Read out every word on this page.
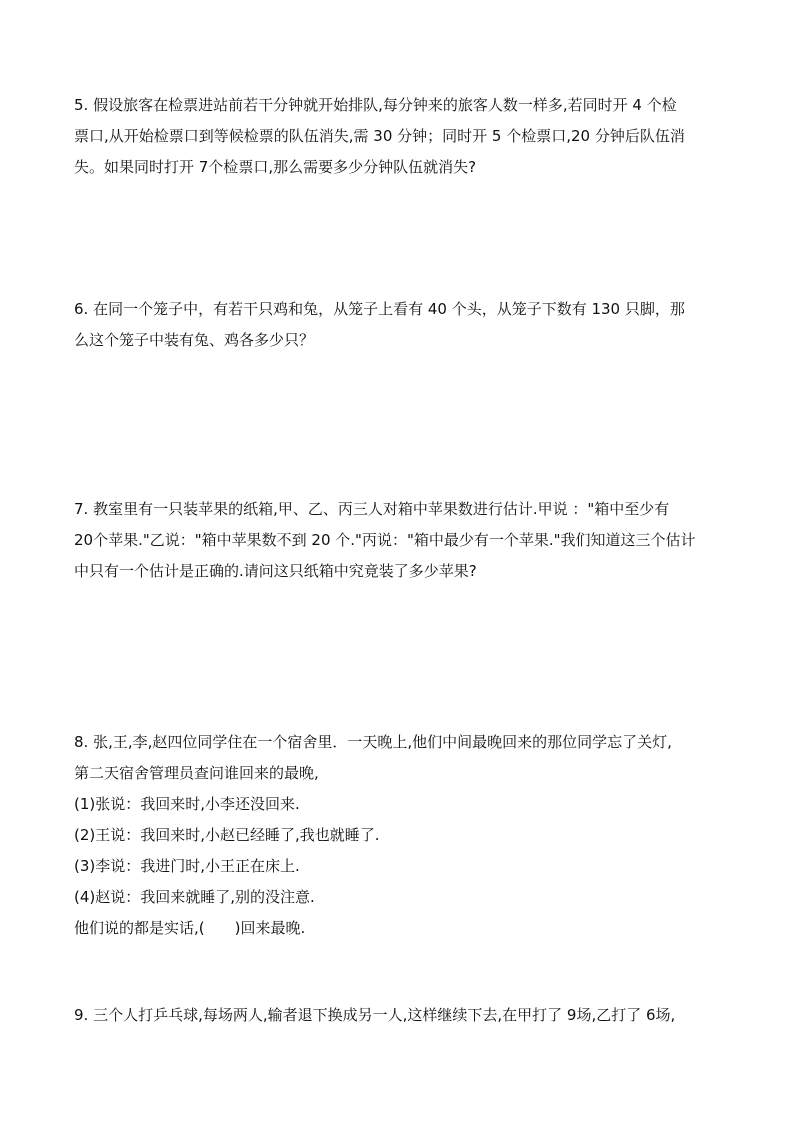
5. 假设旅客在检票进站前若干分钟就开始排队,每分钟来的旅客人数一样多,若同时开 4 个检
票口,从开始检票口到等候检票的队伍消失,需 30 分钟；同时开 5 个检票口,20 分钟后队伍消
失。如果同时打开 7个检票口,那么需要多少分钟队伍就消失?
6. 在同一个笼子中，有若干只鸡和兔，从笼子上看有 40 个头，从笼子下数有 130 只脚，那
么这个笼子中装有兔、鸡各多少只？
7. 教室里有一只装苹果的纸箱,甲、乙、丙三人对箱中苹果数进行估计.甲说 ："箱中至少有
20个苹果."乙说："箱中苹果数不到 20 个."丙说："箱中最少有一个苹果."我们知道这三个估计
中只有一个估计是正确的.请问这只纸箱中究竟装了多少苹果?
8. 张,王,李,赵四位同学住在一个宿舍里．一天晚上,他们中间最晚回来的那位同学忘了关灯,
第二天宿舍管理员查问谁回来的最晚,
(1)张说：我回来时,小李还没回来.
(2)王说：我回来时,小赵已经睡了,我也就睡了.
(3)李说：我进门时,小王正在床上.
(4)赵说：我回来就睡了,别的没注意.
他们说的都是实话,(　　)回来最晚.
9. 三个人打乒乓球,每场两人,输者退下换成另一人,这样继续下去,在甲打了 9场,乙打了 6场,
